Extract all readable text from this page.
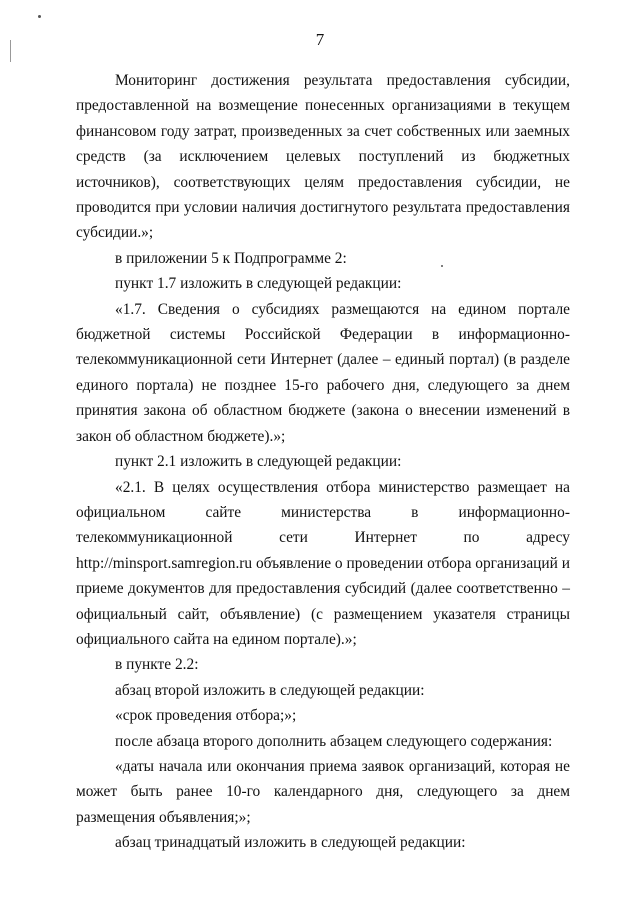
7

Мониторинг достижения результата предоставления субсидии, предоставленной на возмещение понесенных организациями в текущем финансовом году затрат, произведенных за счет собственных или заемных средств (за исключением целевых поступлений из бюджетных источников), соответствующих целям предоставления субсидии, не проводится при условии наличия достигнутого результата предоставления субсидии.»;

в приложении 5 к Подпрограмме 2:

пункт 1.7 изложить в следующей редакции:

«1.7. Сведения о субсидиях размещаются на едином портале бюджетной системы Российской Федерации в информационно-телекоммуникационной сети Интернет (далее – единый портал) (в разделе единого портала) не позднее 15-го рабочего дня, следующего за днем принятия закона об областном бюджете (закона о внесении изменений в закон об областном бюджете).»;

пункт 2.1 изложить в следующей редакции:

«2.1. В целях осуществления отбора министерство размещает на официальном сайте министерства в информационно-телекоммуникационной сети Интернет по адресу http://minsport.samregion.ru объявление о проведении отбора организаций и приеме документов для предоставления субсидий (далее соответственно – официальный сайт, объявление) (с размещением указателя страницы официального сайта на едином портале).»;

в пункте 2.2:

абзац второй изложить в следующей редакции:

«срок проведения отбора;»;

после абзаца второго дополнить абзацем следующего содержания:

«даты начала или окончания приема заявок организаций, которая не может быть ранее 10-го календарного дня, следующего за днем размещения объявления;»;

абзац тринадцатый изложить в следующей редакции:
